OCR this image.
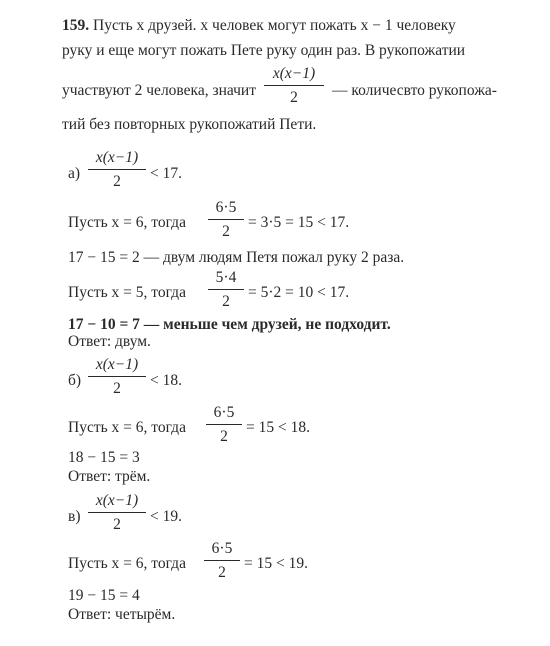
159. Пусть x друзей. x человек могут пожать x − 1 человеку
руку и еще могут пожать Пете руку один раз. В рукопожатии
участвуют 2 человека, значит
x(x−1)
2	— количесвто рукопожа-
тий без повторных рукопожатий Пети.
а)
x(x−1)
2	< 17.
Пусть x = 6, тогда
6·5
2	= 3·5 = 15 < 17.
17 − 15 = 2 — двум людям Петя пожал руку 2 раза.
Пусть x = 5, тогда
5·4
2	= 5·2 = 10 < 17.
17 − 10 = 7 — меньше чем друзей, не подходит.
Ответ: двум.
б)
x(x−1)
2	< 18.
Пусть x = 6, тогда
6·5
2	= 15 < 18.
18 − 15 = 3
Ответ: трём.
в)
x(x−1)
2	< 19.
Пусть x = 6, тогда
6·5
2	= 15 < 19.
19 − 15 = 4
Ответ: четырём.
